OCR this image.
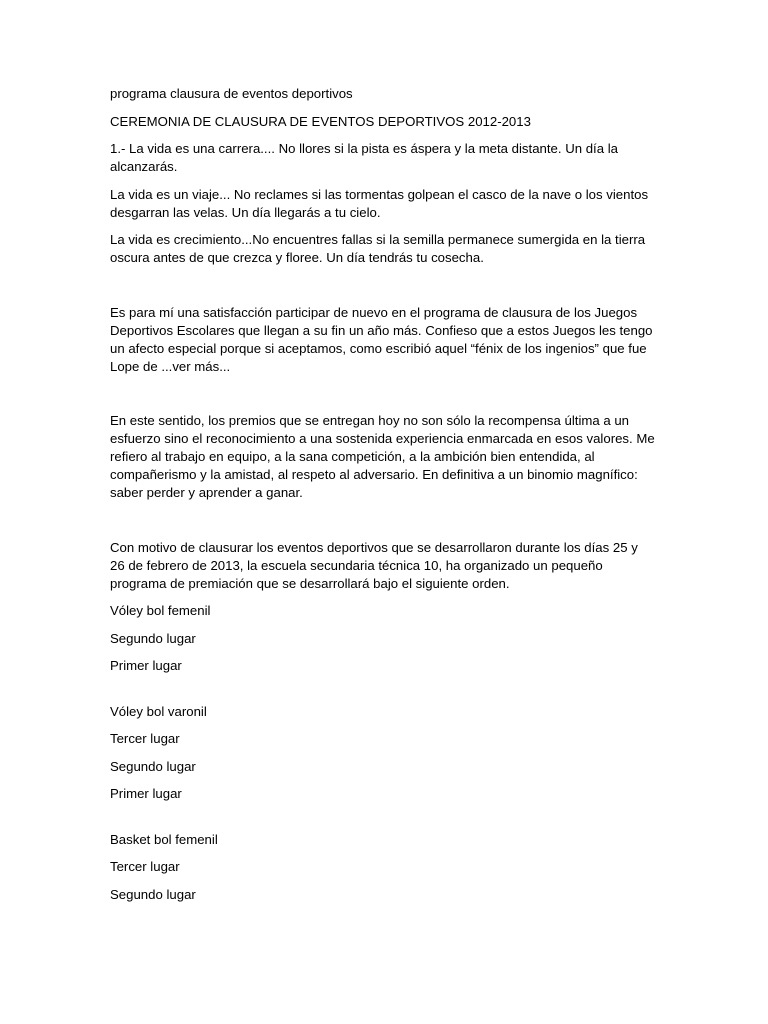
programa clausura de eventos deportivos

CEREMONIA DE CLAUSURA DE EVENTOS DEPORTIVOS 2012-2013

1.- La vida es una carrera.... No llores si la pista es áspera y la meta distante. Un día la alcanzarás.

La vida es un viaje... No reclames si las tormentas golpean el casco de la nave o los vientos desgarran las velas. Un día llegarás a tu cielo.

La vida es crecimiento...No encuentres fallas si la semilla permanece sumergida en la tierra oscura antes de que crezca y floree. Un día tendrás tu cosecha.

Es para mí una satisfacción participar de nuevo en el programa de clausura de los Juegos Deportivos Escolares que llegan a su fin un año más. Confieso que a estos Juegos les tengo un afecto especial porque si aceptamos, como escribió aquel “fénix de los ingenios” que fue Lope de ...ver más...

En este sentido, los premios que se entregan hoy no son sólo la recompensa última a un esfuerzo sino el reconocimiento a una sostenida experiencia enmarcada en esos valores. Me refiero al trabajo en equipo, a la sana competición, a la ambición bien entendida, al compañerismo y la amistad, al respeto al adversario. En definitiva a un binomio magnífico: saber perder y aprender a ganar.

Con motivo de clausurar los eventos deportivos que se desarrollaron durante los días 25 y 26 de febrero de 2013, la escuela secundaria técnica 10, ha organizado un pequeño programa de premiación que se desarrollará bajo el siguiente orden.

Vóley bol femenil

Segundo lugar

Primer lugar

Vóley bol varonil

Tercer lugar

Segundo lugar

Primer lugar

Basket bol femenil

Tercer lugar

Segundo lugar
